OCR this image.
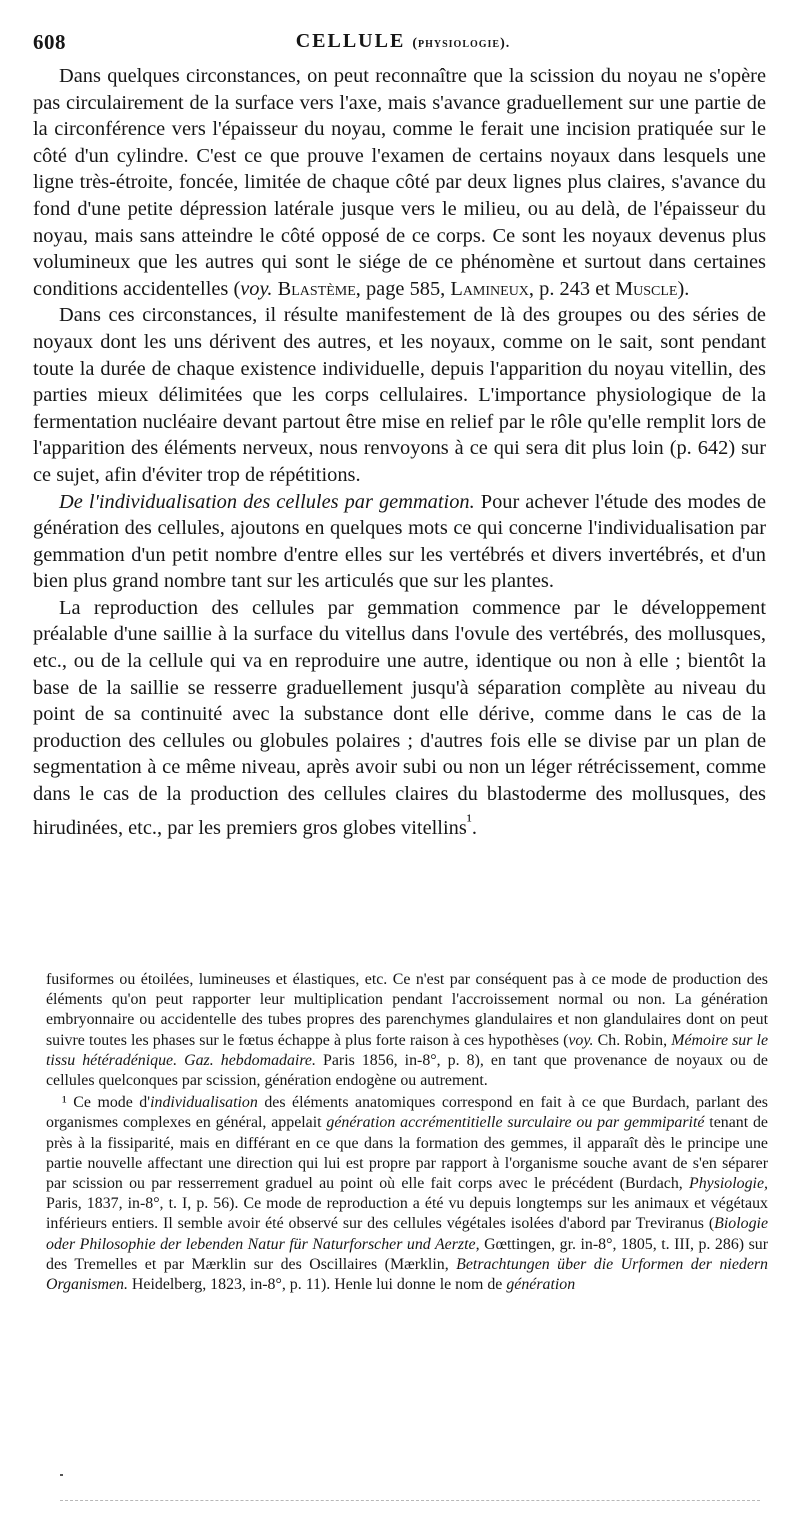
608	CELLULE (physiologie).

Dans quelques circonstances, on peut reconnaître que la scission du noyau ne s'opère pas circulairement de la surface vers l'axe, mais s'avance graduellement sur une partie de la circonférence vers l'épaisseur du noyau, comme le ferait une incision pratiquée sur le côté d'un cylindre. C'est ce que prouve l'examen de certains noyaux dans lesquels une ligne très-étroite, foncée, limitée de chaque côté par deux lignes plus claires, s'avance du fond d'une petite dépression latérale jusque vers le milieu, ou au delà, de l'épaisseur du noyau, mais sans atteindre le côté opposé de ce corps. Ce sont les noyaux devenus plus volumineux que les autres qui sont le siége de ce phénomène et surtout dans certaines conditions accidentelles (voy. Blastème, page 585, Lamineux, p. 243 et Muscle).

Dans ces circonstances, il résulte manifestement de là des groupes ou des séries de noyaux dont les uns dérivent des autres, et les noyaux, comme on le sait, sont pendant toute la durée de chaque existence individuelle, depuis l'apparition du noyau vitellin, des parties mieux délimitées que les corps cellulaires. L'importance physiologique de la fermentation nucléaire devant partout être mise en relief par le rôle qu'elle remplit lors de l'apparition des éléments nerveux, nous renvoyons à ce qui sera dit plus loin (p. 642) sur ce sujet, afin d'éviter trop de répétitions.

De l'individualisation des cellules par gemmation. Pour achever l'étude des modes de génération des cellules, ajoutons en quelques mots ce qui concerne l'individualisation par gemmation d'un petit nombre d'entre elles sur les vertébrés et divers invertébrés, et d'un bien plus grand nombre tant sur les articulés que sur les plantes.

La reproduction des cellules par gemmation commence par le développement préalable d'une saillie à la surface du vitellus dans l'ovule des vertébrés, des mollusques, etc., ou de la cellule qui va en reproduire une autre, identique ou non à elle ; bientôt la base de la saillie se resserre graduellement jusqu'à séparation complète au niveau du point de sa continuité avec la substance dont elle dérive, comme dans le cas de la production des cellules ou globules polaires ; d'autres fois elle se divise par un plan de segmentation à ce même niveau, après avoir subi ou non un léger rétrécissement, comme dans le cas de la production des cellules claires du blastoderme des mollusques, des hirudinées, etc., par les premiers gros globes vitellins$^{^1}$.

fusiformes ou étoilées, lumineuses et élastiques, etc. Ce n'est par conséquent pas à ce mode de production des éléments qu'on peut rapporter leur multiplication pendant l'accroissement normal ou non. La génération embryonnaire ou accidentelle des tubes propres des parenchymes glandulaires et non glandulaires dont on peut suivre toutes les phases sur le fœtus échappe à plus forte raison à ces hypothèses (voy. Ch. Robin, Mémoire sur le tissu hétéradénique. Gaz. hebdomadaire. Paris 1856, in-8°, p. 8), en tant que provenance de noyaux ou de cellules quelconques par scission, génération endogène ou autrement.

¹ Ce mode d'individualisation des éléments anatomiques correspond en fait à ce que Burdach, parlant des organismes complexes en général, appelait génération accrémentitielle surculaire ou par gemmiparité tenant de près à la fissiparité, mais en différant en ce que dans la formation des gemmes, il apparaît dès le principe une partie nouvelle affectant une direction qui lui est propre par rapport à l'organisme souche avant de s'en séparer par scission ou par resserrement graduel au point où elle fait corps avec le précédent (Burdach, Physiologie, Paris, 1837, in-8°, t. I, p. 56). Ce mode de reproduction a été vu depuis longtemps sur les animaux et végétaux inférieurs entiers. Il semble avoir été observé sur des cellules végétales isolées d'abord par Treviranus (Biologie oder Philosophie der lebenden Natur für Naturforscher und Aerzte, Gœttingen, gr. in-8°, 1805, t. III, p. 286) sur des Tremelles et par Mærklin sur des Oscillaires (Mærklin, Betrachtungen über die Urformen der niedern Organismen. Heidelberg, 1823, in-8°, p. 11). Henle lui donne le nom de génération
